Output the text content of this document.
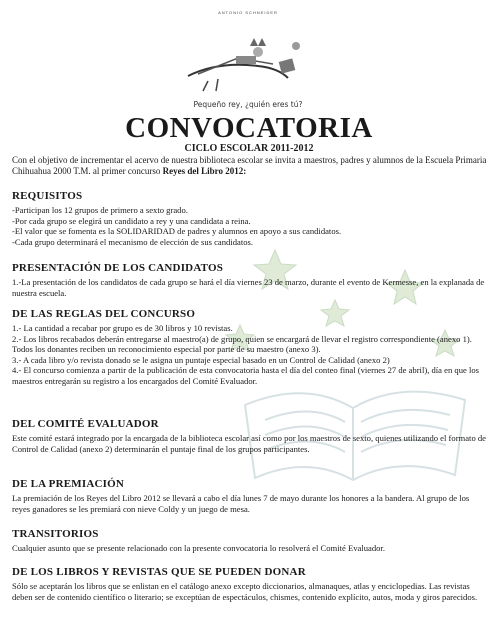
ANTONIO SCHNEIDER
Pequeño rey, ¿quién eres tú?
CONVOCATORIA
CICLO ESCOLAR 2011-2012
Con el objetivo de incrementar el acervo de nuestra biblioteca escolar se invita a maestros, padres y alumnos de la Escuela Primaria Chihuahua 2000 T.M. al primer concurso Reyes del Libro 2012:
REQUISITOS

-Participan los 12 grupos de primero a sexto grado.

-Por cada grupo se elegirá un candidato a rey y una candidata a reina.

-El valor que se fomenta es la SOLIDARIDAD de padres y alumnos en apoyo a sus candidatos.

-Cada grupo determinará el mecanismo de elección de sus candidatos.

PRESENTACIÓN DE LOS CANDIDATOS

1.-La presentación de los candidatos de cada grupo se hará el día viernes 23 de marzo, durante el evento de Kermesse, en la explanada de nuestra escuela.

DE LAS REGLAS DEL CONCURSO

1.- La cantidad a recabar por grupo es de 30 libros y 10 revistas.

2.- Los libros recabados deberán entregarse al maestro(a) de grupo, quien se encargará de llevar el registro correspondiente (anexo 1). Todos los donantes reciben un reconocimiento especial por parte de su maestro (anexo 3).

3.- A cada libro y/o revista donado se le asigna un puntaje especial basado en un Control de Calidad (anexo 2)

4.- El concurso comienza a partir de la publicación de esta convocatoria hasta el día del conteo final (viernes 27 de abril), día en que los maestros entregarán su registro a los encargados del Comité Evaluador.

DEL COMITÉ EVALUADOR

Este comité estará integrado por la encargada de la biblioteca escolar así como por los maestros de sexto, quienes utilizando el formato de Control de Calidad (anexo 2) determinarán el puntaje final de los grupos participantes.

DE LA PREMIACIÓN

La premiación de los Reyes del Libro 2012 se llevará a cabo el día lunes 7 de mayo durante los honores a la bandera. Al grupo de los reyes ganadores se les premiará con nieve Coldy y un juego de mesa.

TRANSITORIOS

Cualquier asunto que se presente relacionado con la presente convocatoria lo resolverá el Comité Evaluador.

DE LOS LIBROS Y REVISTAS QUE SE PUEDEN DONAR

Sólo se aceptarán los libros que se enlistan en el catálogo anexo excepto diccionarios, almanaques, atlas y enciclopedias. Las revistas deben ser de contenido científico o literario; se exceptúan de espectáculos, chismes, contenido explícito, autos, moda y giros parecidos.
